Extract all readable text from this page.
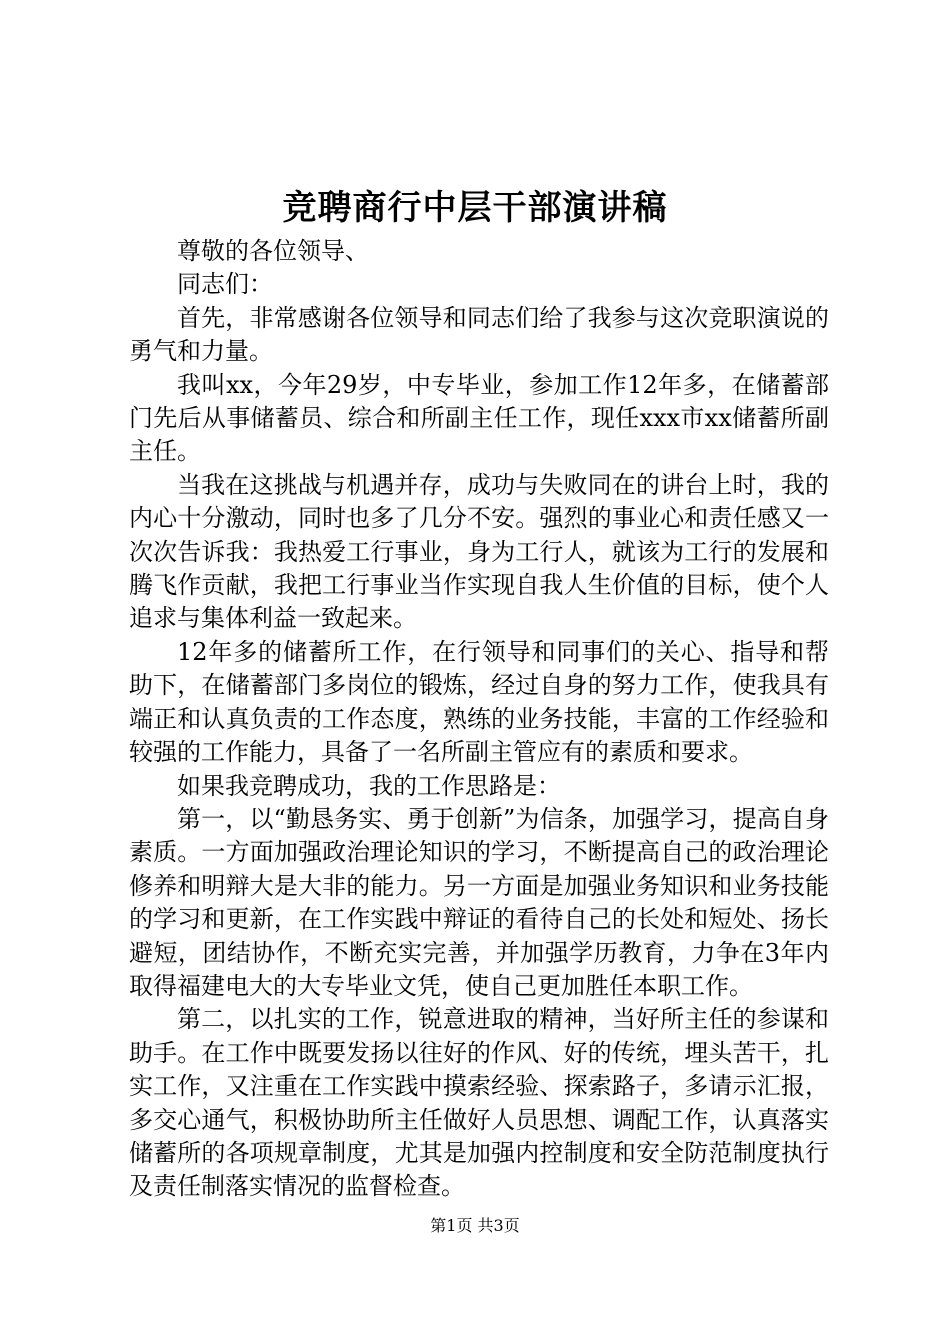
竞聘商行中层干部演讲稿

尊敬的各位领导、

同志们：

首先，非常感谢各位领导和同志们给了我参与这次竞职演说的勇气和力量。

我叫xx，今年29岁，中专毕业，参加工作12年多，在储蓄部门先后从事储蓄员、综合和所副主任工作，现任xxx市xx储蓄所副主任。

当我在这挑战与机遇并存，成功与失败同在的讲台上时，我的内心十分激动，同时也多了几分不安。强烈的事业心和责任感又一次次告诉我：我热爱工行事业，身为工行人，就该为工行的发展和腾飞作贡献，我把工行事业当作实现自我人生价值的目标，使个人追求与集体利益一致起来。

12年多的储蓄所工作，在行领导和同事们的关心、指导和帮助下，在储蓄部门多岗位的锻炼，经过自身的努力工作，使我具有端正和认真负责的工作态度，熟练的业务技能，丰富的工作经验和较强的工作能力，具备了一名所副主管应有的素质和要求。

如果我竞聘成功，我的工作思路是：

第一，以“勤恳务实、勇于创新”为信条，加强学习，提高自身素质。一方面加强政治理论知识的学习，不断提高自己的政治理论修养和明辩大是大非的能力。另一方面是加强业务知识和业务技能的学习和更新，在工作实践中辩证的看待自己的长处和短处、扬长避短，团结协作，不断充实完善，并加强学历教育，力争在3年内取得福建电大的大专毕业文凭，使自己更加胜任本职工作。

第二，以扎实的工作，锐意进取的精神，当好所主任的参谋和助手。在工作中既要发扬以往好的作风、好的传统，埋头苦干，扎实工作，又注重在工作实践中摸索经验、探索路子，多请示汇报，多交心通气，积极协助所主任做好人员思想、调配工作，认真落实储蓄所的各项规章制度，尤其是加强内控制度和安全防范制度执行及责任制落实情况的监督检查。

第1页 共3页
